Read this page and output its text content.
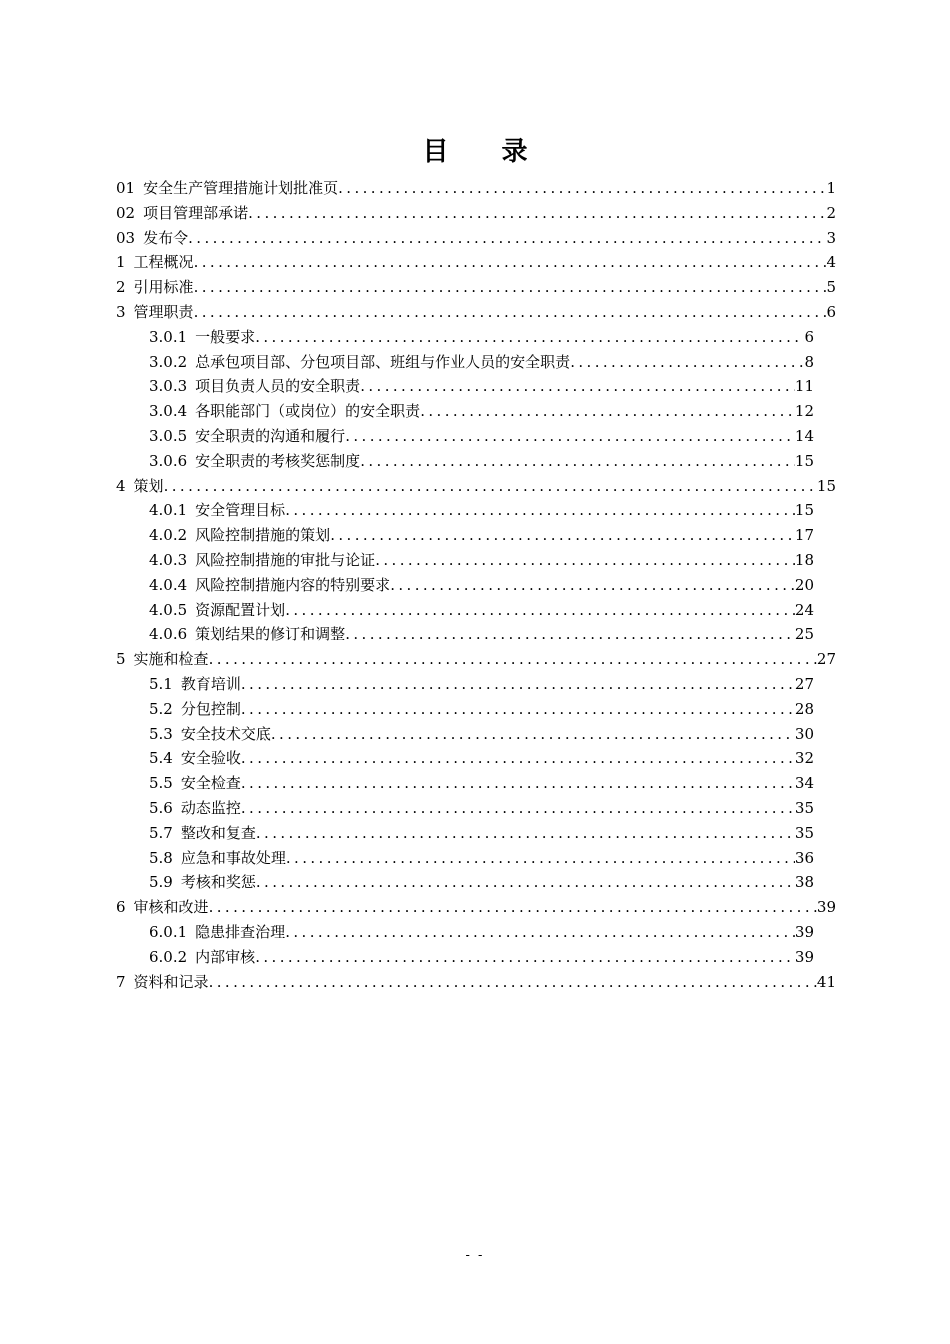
目 录
01 安全生产管理措施计划批准页 .....	1
02 项目管理部承诺 .....	2
03 发布令 .....	3
1 工程概况 .....	4
2 引用标准 .....	5
3 管理职责 .....	6
3.0.1 一般要求 .....	6
3.0.2 总承包项目部、分包项目部、班组与作业人员的安全职责 .....	8
3.0.3 项目负责人员的安全职责 .....	11
3.0.4 各职能部门（或岗位）的安全职责 .....	12
3.0.5 安全职责的沟通和履行 .....	14
3.0.6 安全职责的考核奖惩制度 .....	15
4 策划 .....	15
4.0.1 安全管理目标 .....	15
4.0.2 风险控制措施的策划 .....	17
4.0.3 风险控制措施的审批与论证 .....	18
4.0.4 风险控制措施内容的特别要求 .....	20
4.0.5 资源配置计划 .....	24
4.0.6 策划结果的修订和调整 .....	25
5 实施和检查 .....	27
5.1 教育培训 .....	27
5.2 分包控制 .....	28
5.3 安全技术交底 .....	30
5.4 安全验收 .....	32
5.5 安全检查 .....	34
5.6 动态监控 .....	35
5.7 整改和复查 .....	35
5.8 应急和事故处理 .....	36
5.9 考核和奖惩 .....	38
6 审核和改进 .....	39
6.0.1 隐患排查治理 .....	39
6.0.2 内部审核 .....	39
7 资料和记录 .....	41
- -
